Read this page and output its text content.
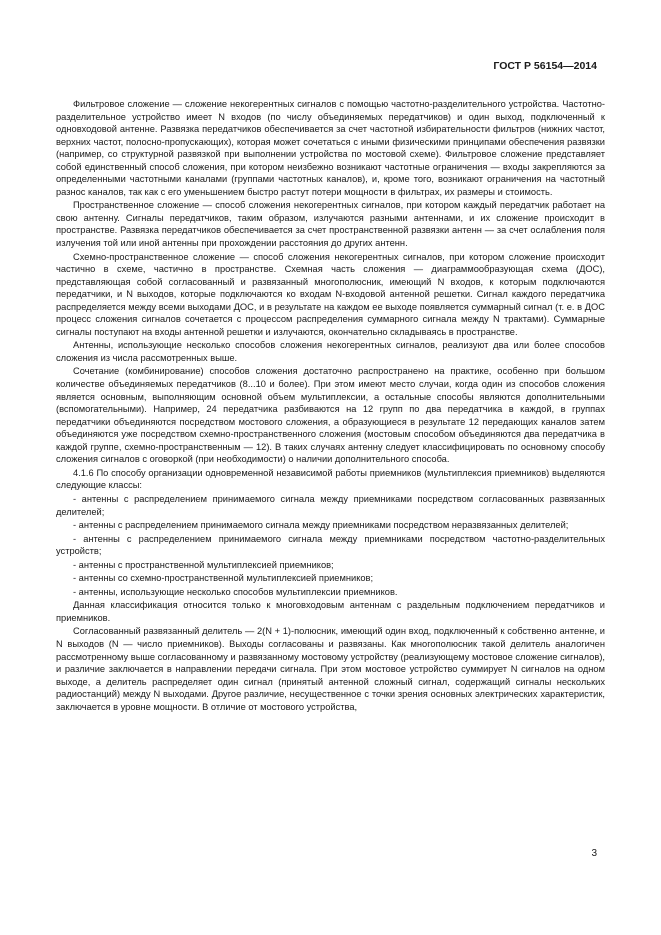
ГОСТ Р 56154—2014

Фильтровое сложение — сложение некогерентных сигналов с помощью частотно-разделительного устройства. Частотно-разделительное устройство имеет N входов (по числу объединяемых передатчиков) и один выход, подключенный к одновходовой антенне. Развязка передатчиков обеспечивается за счет частотной избирательности фильтров (нижних частот, верхних частот, полосно-пропускающих), которая может сочетаться с иными физическими принципами обеспечения развязки (например, со структурной развязкой при выполнении устройства по мостовой схеме). Фильтровое сложение представляет собой единственный способ сложения, при котором неизбежно возникают частотные ограничения — входы закрепляются за определенными частотными каналами (группами частотных каналов), и, кроме того, возникают ограничения на частотный разнос каналов, так как с его уменьшением быстро растут потери мощности в фильтрах, их размеры и стоимость.

Пространственное сложение — способ сложения некогерентных сигналов, при котором каждый передатчик работает на свою антенну. Сигналы передатчиков, таким образом, излучаются разными антеннами, и их сложение происходит в пространстве. Развязка передатчиков обеспечивается за счет пространственной развязки антенн — за счет ослабления поля излучения той или иной антенны при прохождении расстояния до других антенн.

Схемно-пространственное сложение — способ сложения некогерентных сигналов, при котором сложение происходит частично в схеме, частично в пространстве. Схемная часть сложения — диаграммообразующая схема (ДОС), представляющая собой согласованный и развязанный многополюсник, имеющий N входов, к которым подключаются передатчики, и N выходов, которые подключаются ко входам N-входовой антенной решетки. Сигнал каждого передатчика распределяется между всеми выходами ДОС, и в результате на каждом ее выходе появляется суммарный сигнал (т. е. в ДОС процесс сложения сигналов сочетается с процессом распределения суммарного сигнала между N трактами). Суммарные сигналы поступают на входы антенной решетки и излучаются, окончательно складываясь в пространстве.

Антенны, использующие несколько способов сложения некогерентных сигналов, реализуют два или более способов сложения из числа рассмотренных выше.

Сочетание (комбинирование) способов сложения достаточно распространено на практике, особенно при большом количестве объединяемых передатчиков (8...10 и более). При этом имеют место случаи, когда один из способов сложения является основным, выполняющим основной объем мультиплексии, а остальные способы являются дополнительными (вспомогательными). Например, 24 передатчика разбиваются на 12 групп по два передатчика в каждой, в группах передатчики объединяются посредством мостового сложения, а образующиеся в результате 12 передающих каналов затем объединяются уже посредством схемно-пространственного сложения (мостовым способом объединяются два передатчика в каждой группе, схемно-пространственным — 12). В таких случаях антенну следует классифицировать по основному способу сложения сигналов с оговоркой (при необходимости) о наличии дополнительного способа.

4.1.6 По способу организации одновременной независимой работы приемников (мультиплексия приемников) выделяются следующие классы:

- антенны с распределением принимаемого сигнала между приемниками посредством согласованных развязанных делителей;

- антенны с распределением принимаемого сигнала между приемниками посредством неразвязанных делителей;

- антенны с распределением принимаемого сигнала между приемниками посредством частотно-разделительных устройств;

- антенны с пространственной мультиплексией приемников;

- антенны со схемно-пространственной мультиплексией приемников;

- антенны, использующие несколько способов мультиплексии приемников.

Данная классификация относится только к многовходовым антеннам с раздельным подключением передатчиков и приемников.

Согласованный развязанный делитель — 2(N + 1)-полюсник, имеющий один вход, подключенный к собственно антенне, и N выходов (N — число приемников). Выходы согласованы и развязаны. Как многополюсник такой делитель аналогичен рассмотренному выше согласованному и развязанному мостовому устройству (реализующему мостовое сложение сигналов), и различие заключается в направлении передачи сигнала. При этом мостовое устройство суммирует N сигналов на одном выходе, а делитель распределяет один сигнал (принятый антенной сложный сигнал, содержащий сигналы нескольких радиостанций) между N выходами. Другое различие, несущественное с точки зрения основных электрических характеристик, заключается в уровне мощности. В отличие от мостового устройства,

3
